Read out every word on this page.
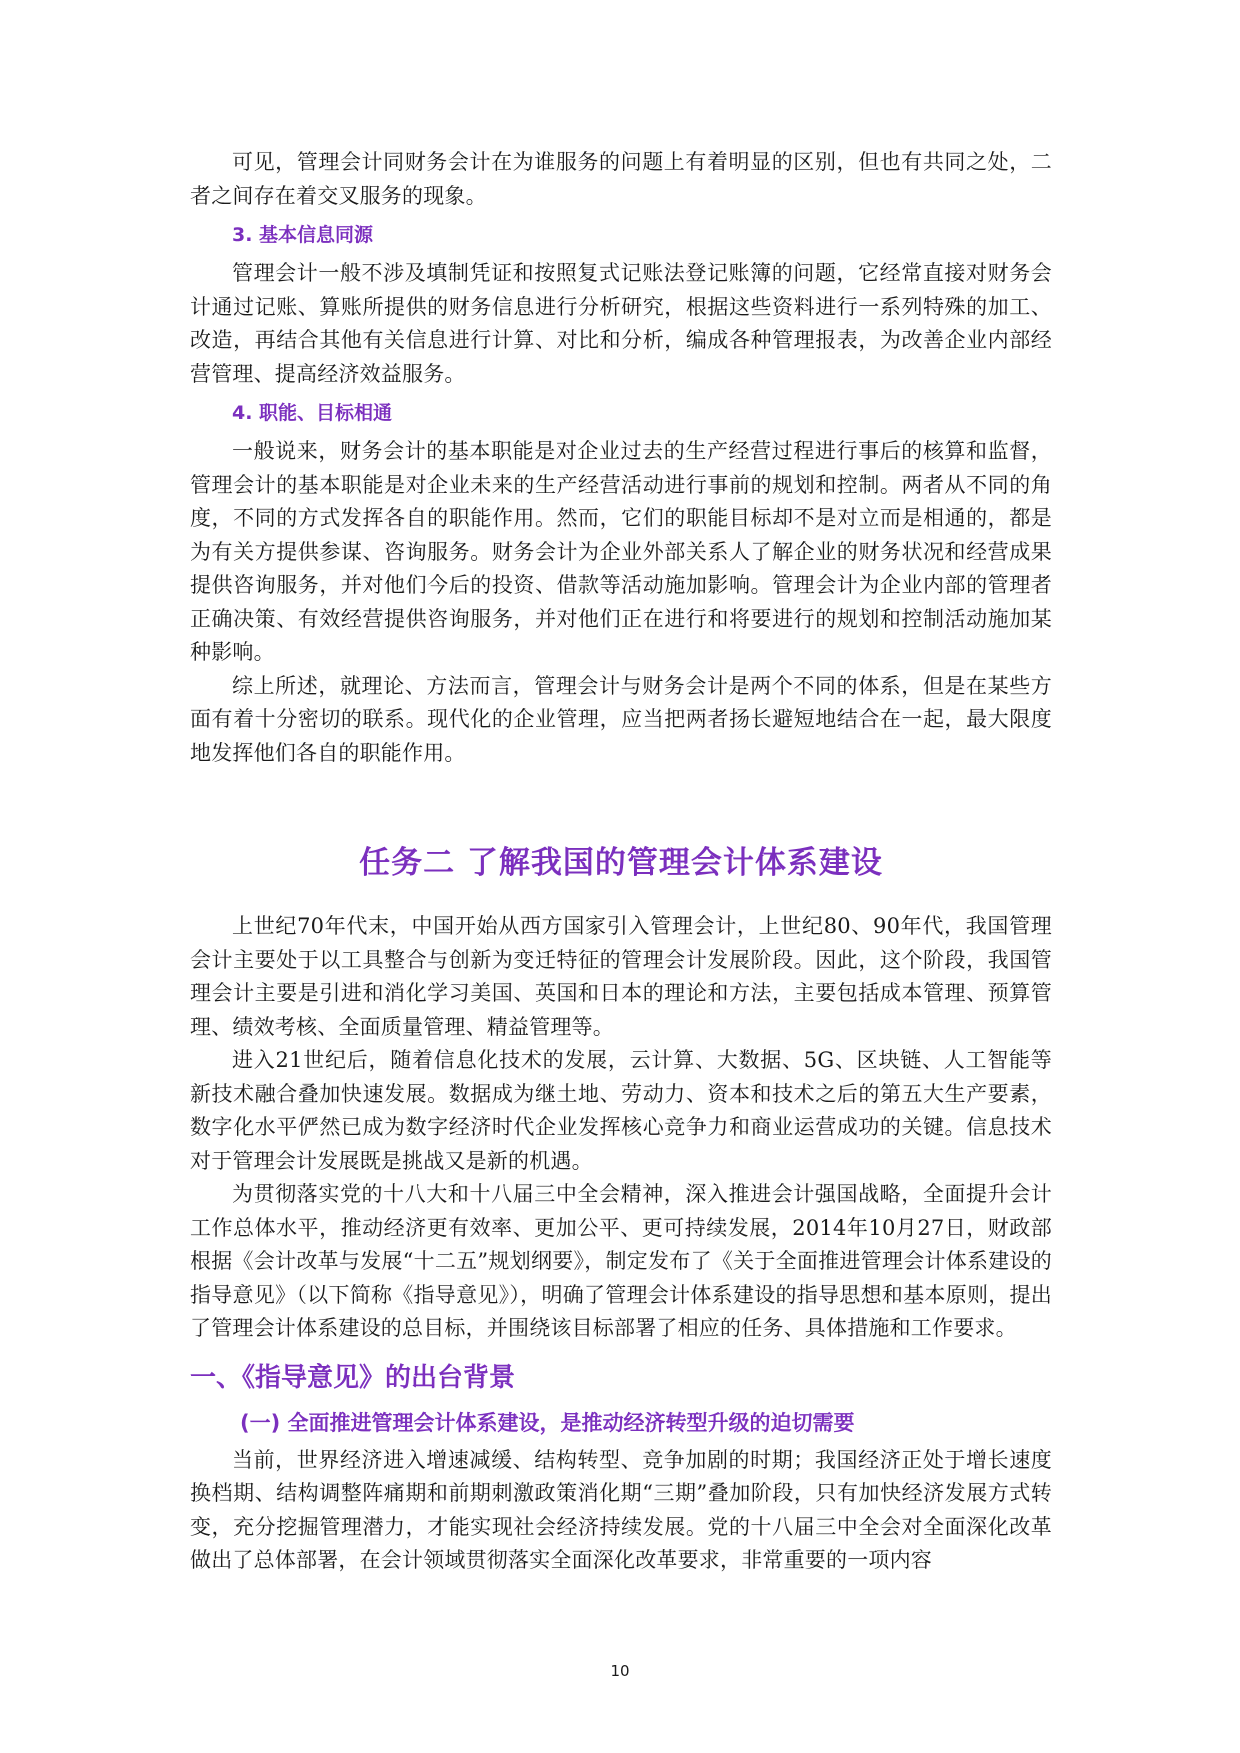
可见，管理会计同财务会计在为谁服务的问题上有着明显的区别，但也有共同之处，二者之间存在着交叉服务的现象。

3. 基本信息同源

管理会计一般不涉及填制凭证和按照复式记账法登记账簿的问题，它经常直接对财务会计通过记账、算账所提供的财务信息进行分析研究，根据这些资料进行一系列特殊的加工、改造，再结合其他有关信息进行计算、对比和分析，编成各种管理报表，为改善企业内部经营管理、提高经济效益服务。

4. 职能、目标相通

一般说来，财务会计的基本职能是对企业过去的生产经营过程进行事后的核算和监督，管理会计的基本职能是对企业未来的生产经营活动进行事前的规划和控制。两者从不同的角度，不同的方式发挥各自的职能作用。然而，它们的职能目标却不是对立而是相通的，都是为有关方提供参谋、咨询服务。财务会计为企业外部关系人了解企业的财务状况和经营成果提供咨询服务，并对他们今后的投资、借款等活动施加影响。管理会计为企业内部的管理者正确决策、有效经营提供咨询服务，并对他们正在进行和将要进行的规划和控制活动施加某种影响。

综上所述，就理论、方法而言，管理会计与财务会计是两个不同的体系，但是在某些方面有着十分密切的联系。现代化的企业管理，应当把两者扬长避短地结合在一起，最大限度地发挥他们各自的职能作用。

任务二 了解我国的管理会计体系建设

上世纪70年代末，中国开始从西方国家引入管理会计，上世纪80、90年代，我国管理会计主要处于以工具整合与创新为变迁特征的管理会计发展阶段。因此，这个阶段，我国管理会计主要是引进和消化学习美国、英国和日本的理论和方法，主要包括成本管理、预算管理、绩效考核、全面质量管理、精益管理等。

进入21世纪后，随着信息化技术的发展，云计算、大数据、5G、区块链、人工智能等新技术融合叠加快速发展。数据成为继土地、劳动力、资本和技术之后的第五大生产要素，数字化水平俨然已成为数字经济时代企业发挥核心竞争力和商业运营成功的关键。信息技术对于管理会计发展既是挑战又是新的机遇。

为贯彻落实党的十八大和十八届三中全会精神，深入推进会计强国战略，全面提升会计工作总体水平，推动经济更有效率、更加公平、更可持续发展，2014年10月27日，财政部根据《会计改革与发展“十二五”规划纲要》，制定发布了《关于全面推进管理会计体系建设的指导意见》（以下简称《指导意见》），明确了管理会计体系建设的指导思想和基本原则，提出了管理会计体系建设的总目标，并围绕该目标部署了相应的任务、具体措施和工作要求。

一、《指导意见》的出台背景
(一) 全面推进管理会计体系建设，是推动经济转型升级的迫切需要

当前，世界经济进入增速减缓、结构转型、竞争加剧的时期；我国经济正处于增长速度换档期、结构调整阵痛期和前期刺激政策消化期“三期”叠加阶段，只有加快经济发展方式转变，充分挖掘管理潜力，才能实现社会经济持续发展。党的十八届三中全会对全面深化改革做出了总体部署，在会计领域贯彻落实全面深化改革要求，非常重要的一项内容

10
